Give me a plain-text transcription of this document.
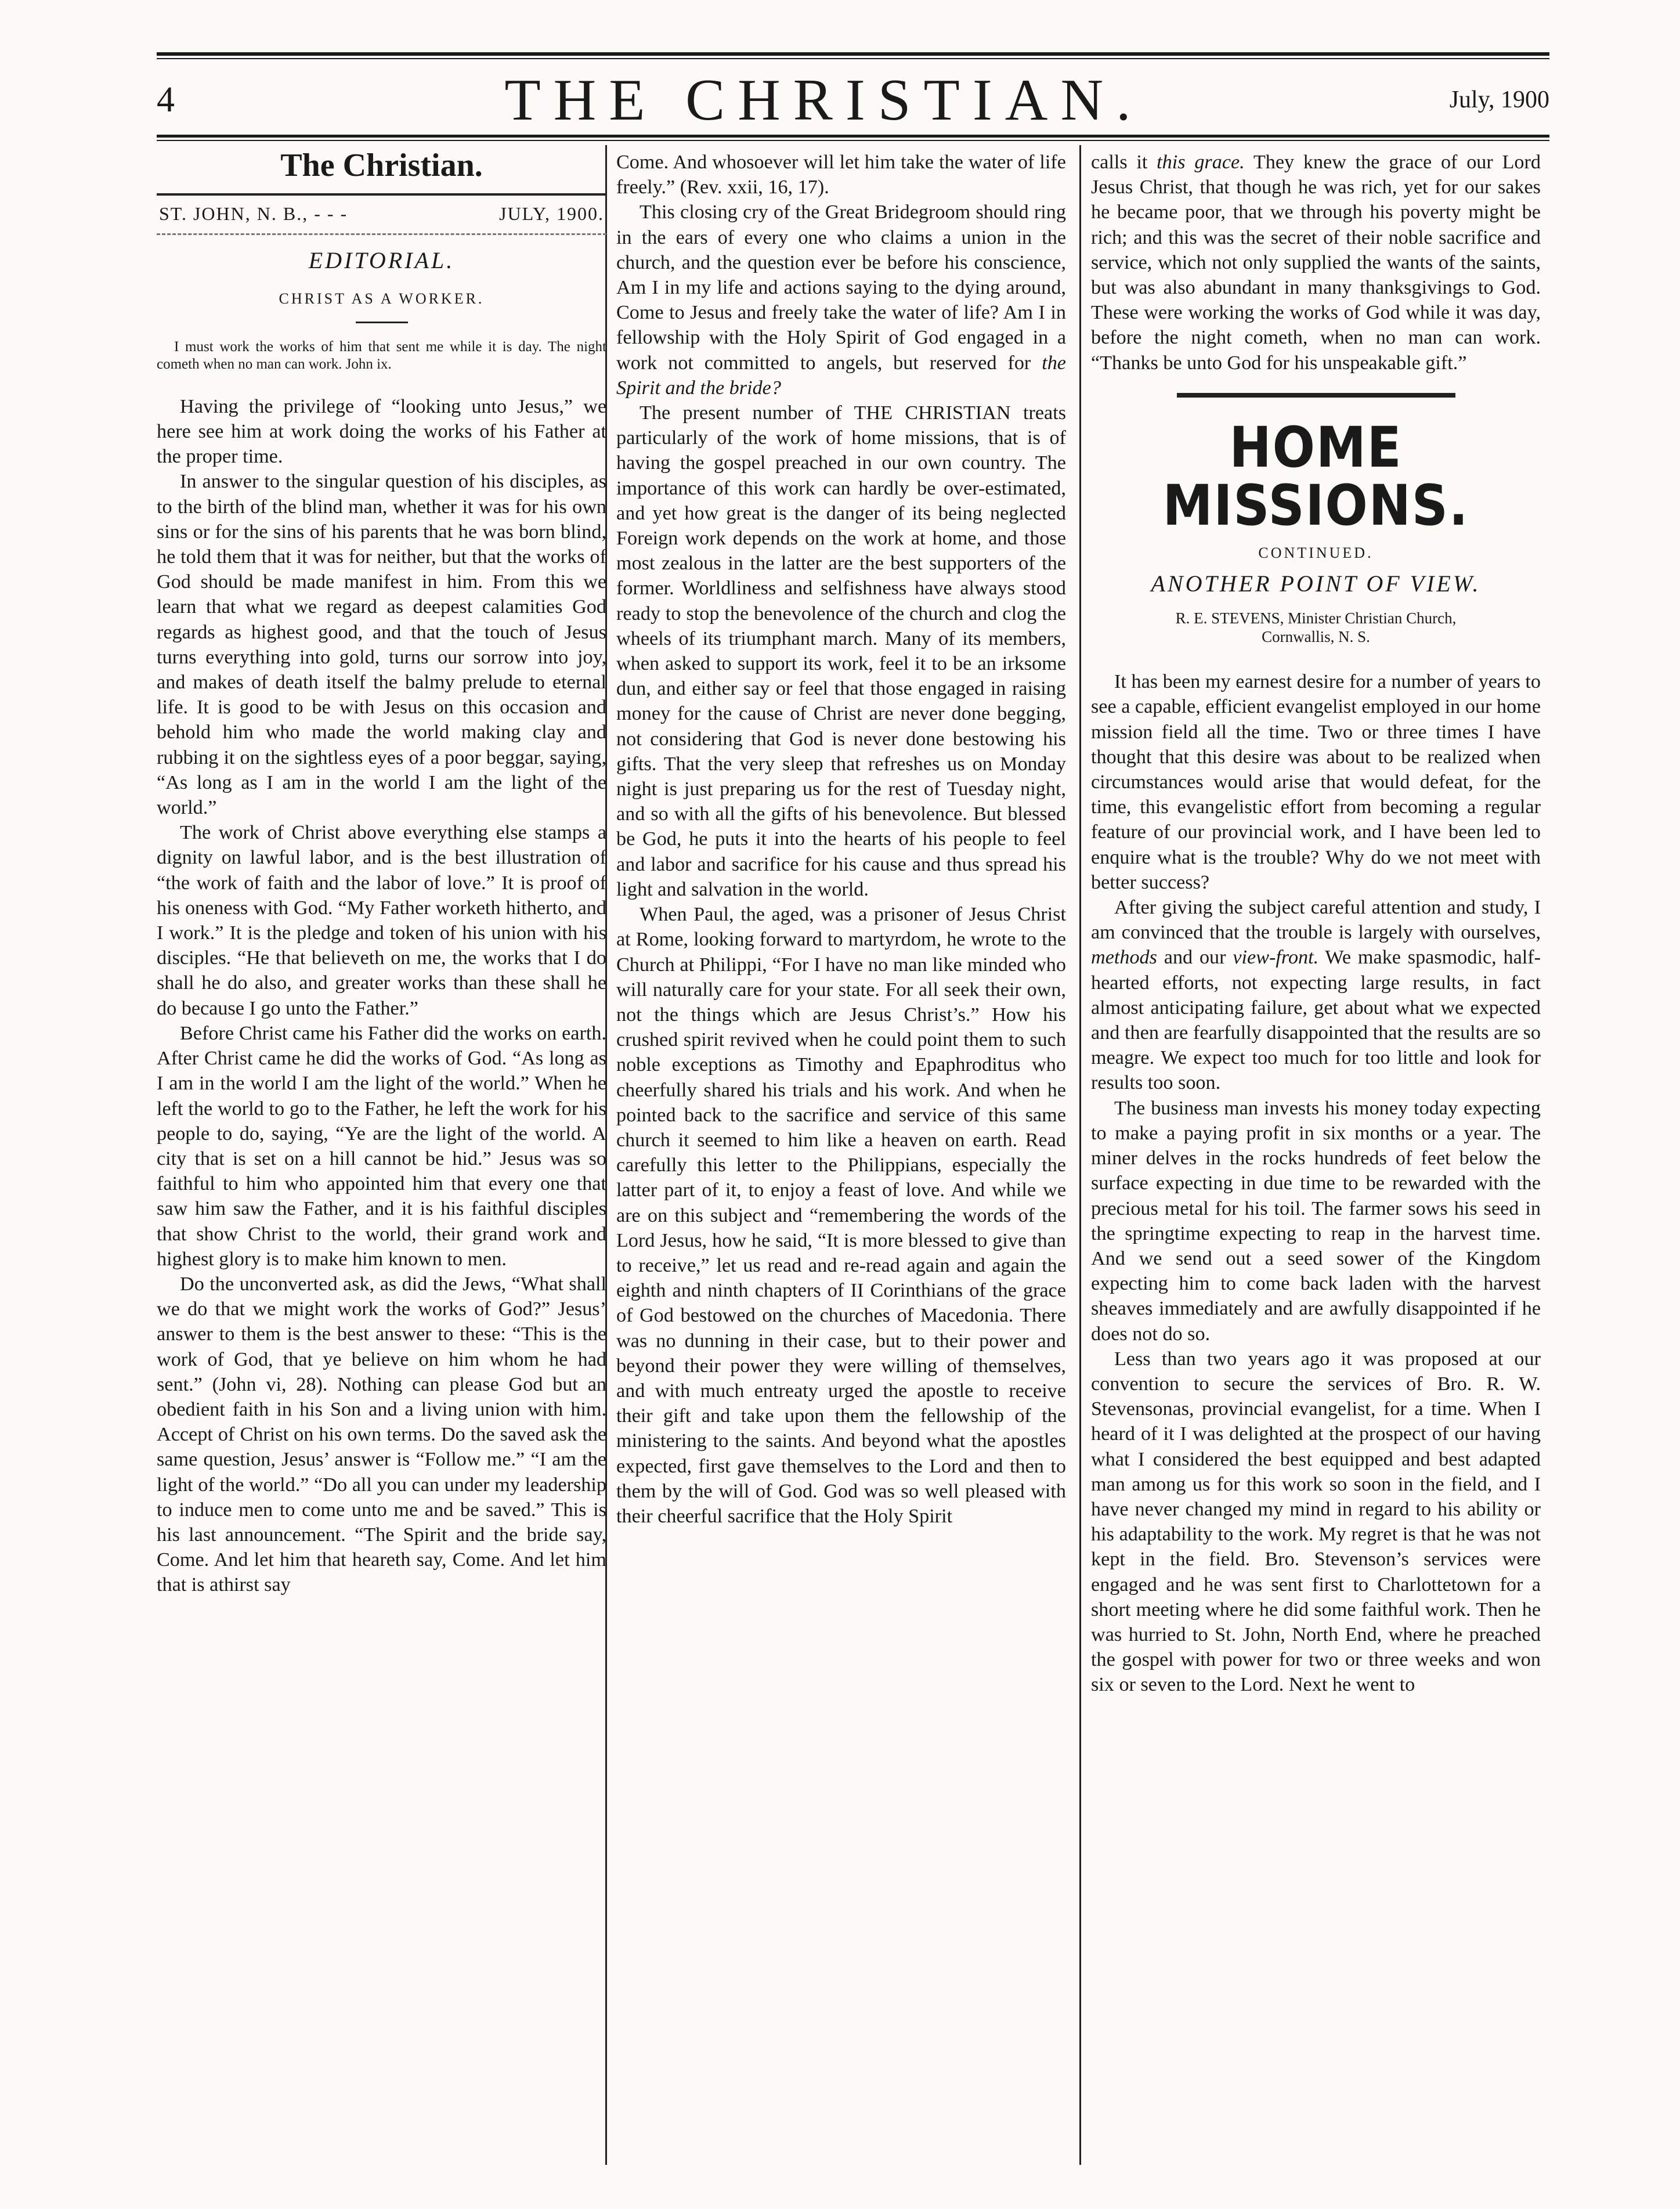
4	THE CHRISTIAN.	July, 1900
The Christian.
ST. JOHN, N. B., - - -	JULY, 1900.
EDITORIAL.
CHRIST AS A WORKER.

I must work the works of him that sent me while it is day. The night cometh when no man can work. John ix.

Having the privilege of “looking unto Jesus,” we here see him at work doing the works of his Father at the proper time.

In answer to the singular question of his disciples, as to the birth of the blind man, whether it was for his own sins or for the sins of his parents that he was born blind, he told them that it was for neither, but that the works of God should be made manifest in him. From this we learn that what we regard as deepest calamities God regards as highest good, and that the touch of Jesus turns everything into gold, turns our sorrow into joy, and makes of death itself the balmy prelude to eternal life. It is good to be with Jesus on this occasion and behold him who made the world making clay and rubbing it on the sightless eyes of a poor beggar, saying, “As long as I am in the world I am the light of the world.”

The work of Christ above everything else stamps a dignity on lawful labor, and is the best illustration of “the work of faith and the labor of love.” It is proof of his oneness with God. “My Father worketh hitherto, and I work.” It is the pledge and token of his union with his disciples. “He that believeth on me, the works that I do shall he do also, and greater works than these shall he do because I go unto the Father.”

Before Christ came his Father did the works on earth. After Christ came he did the works of God. “As long as I am in the world I am the light of the world.” When he left the world to go to the Father, he left the work for his people to do, saying, “Ye are the light of the world. A city that is set on a hill cannot be hid.” Jesus was so faithful to him who appointed him that every one that saw him saw the Father, and it is his faithful disciples that show Christ to the world, their grand work and highest glory is to make him known to men.

Do the unconverted ask, as did the Jews, “What shall we do that we might work the works of God?” Jesus’ answer to them is the best answer to these: “This is the work of God, that ye believe on him whom he had sent.” (John vi, 28). Nothing can please God but an obedient faith in his Son and a living union with him. Accept of Christ on his own terms. Do the saved ask the same question, Jesus’ answer is “Follow me.” “I am the light of the world.” “Do all you can under my leadership to induce men to come unto me and be saved.” This is his last announcement. “The Spirit and the bride say, Come. And let him that heareth say, Come. And let him that is athirst say

Come. And whosoever will let him take the water of life freely.” (Rev. xxii, 16, 17).

This closing cry of the Great Bridegroom should ring in the ears of every one who claims a union in the church, and the question ever be before his conscience, Am I in my life and actions saying to the dying around, Come to Jesus and freely take the water of life? Am I in fellowship with the Holy Spirit of God engaged in a work not committed to angels, but reserved for the Spirit and the bride?

The present number of THE CHRISTIAN treats particularly of the work of home missions, that is of having the gospel preached in our own country. The importance of this work can hardly be over-estimated, and yet how great is the danger of its being neglected Foreign work depends on the work at home, and those most zealous in the latter are the best supporters of the former. Worldliness and selfishness have always stood ready to stop the benevolence of the church and clog the wheels of its triumphant march. Many of its members, when asked to support its work, feel it to be an irksome dun, and either say or feel that those engaged in raising money for the cause of Christ are never done begging, not considering that God is never done bestowing his gifts. That the very sleep that refreshes us on Monday night is just preparing us for the rest of Tuesday night, and so with all the gifts of his benevolence. But blessed be God, he puts it into the hearts of his people to feel and labor and sacrifice for his cause and thus spread his light and salvation in the world.

When Paul, the aged, was a prisoner of Jesus Christ at Rome, looking forward to martyrdom, he wrote to the Church at Philippi, “For I have no man like minded who will naturally care for your state. For all seek their own, not the things which are Jesus Christ’s.” How his crushed spirit revived when he could point them to such noble exceptions as Timothy and Epaphroditus who cheerfully shared his trials and his work. And when he pointed back to the sacrifice and service of this same church it seemed to him like a heaven on earth. Read carefully this letter to the Philippians, especially the latter part of it, to enjoy a feast of love. And while we are on this subject and “remembering the words of the Lord Jesus, how he said, “It is more blessed to give than to receive,” let us read and re-read again and again the eighth and ninth chapters of II Corinthians of the grace of God bestowed on the churches of Macedonia. There was no dunning in their case, but to their power and beyond their power they were willing of themselves, and with much entreaty urged the apostle to receive their gift and take upon them the fellowship of the ministering to the saints. And beyond what the apostles expected, first gave themselves to the Lord and then to them by the will of God. God was so well pleased with their cheerful sacrifice that the Holy Spirit

calls it this grace. They knew the grace of our Lord Jesus Christ, that though he was rich, yet for our sakes he became poor, that we through his poverty might be rich; and this was the secret of their noble sacrifice and service, which not only supplied the wants of the saints, but was also abundant in many thanksgivings to God. These were working the works of God while it was day, before the night cometh, when no man can work. “Thanks be unto God for his unspeakable gift.”

HOME MISSIONS.
CONTINUED.
ANOTHER POINT OF VIEW.
R. E. STEVENS, Minister Christian Church,
Cornwallis, N. S.

It has been my earnest desire for a number of years to see a capable, efficient evangelist employed in our home mission field all the time. Two or three times I have thought that this desire was about to be realized when circumstances would arise that would defeat, for the time, this evangelistic effort from becoming a regular feature of our provincial work, and I have been led to enquire what is the trouble? Why do we not meet with better success?

After giving the subject careful attention and study, I am convinced that the trouble is largely with ourselves, methods and our view-front. We make spasmodic, half-hearted efforts, not expecting large results, in fact almost anticipating failure, get about what we expected and then are fearfully disappointed that the results are so meagre. We expect too much for too little and look for results too soon.

The business man invests his money today expecting to make a paying profit in six months or a year. The miner delves in the rocks hundreds of feet below the surface expecting in due time to be rewarded with the precious metal for his toil. The farmer sows his seed in the springtime expecting to reap in the harvest time. And we send out a seed sower of the Kingdom expecting him to come back laden with the harvest sheaves immediately and are awfully disappointed if he does not do so.

Less than two years ago it was proposed at our convention to secure the services of Bro. R. W. Stevensonas, provincial evangelist, for a time. When I heard of it I was delighted at the prospect of our having what I considered the best equipped and best adapted man among us for this work so soon in the field, and I have never changed my mind in regard to his ability or his adaptability to the work. My regret is that he was not kept in the field. Bro. Stevenson’s services were engaged and he was sent first to Charlottetown for a short meeting where he did some faithful work. Then he was hurried to St. John, North End, where he preached the gospel with power for two or three weeks and won six or seven to the Lord. Next he went to
